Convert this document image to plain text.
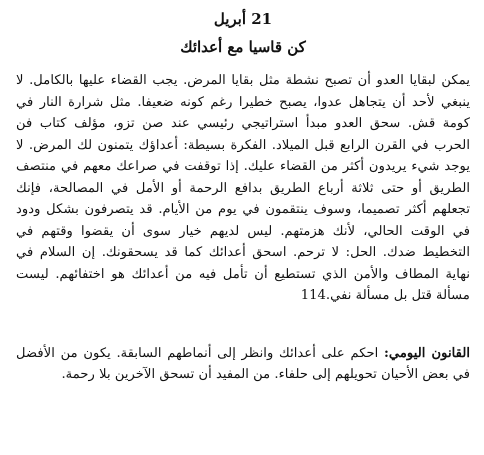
21 أبريل
كن قاسيا مع أعدائك

يمكن لبقايا العدو أن تصبح نشطة مثل بقايا المرض. يجب القضاء عليها بالكامل. لا ينبغي لأحد أن يتجاهل عدوا، يصبح خطيرا رغم كونه ضعيفا. مثل شرارة النار في كومة قش. سحق العدو مبدأ استراتيجي رئيسي عند صن تزو، مؤلف كتاب فن الحرب في القرن الرابع قبل الميلاد. الفكرة بسيطة: أعداؤك يتمنون لك المرض. لا يوجد شيء يريدون أكثر من القضاء عليك. إذا توقفت في صراعك معهم في منتصف الطريق أو حتى ثلاثة أرباع الطريق بدافع الرحمة أو الأمل في المصالحة، فإنك تجعلهم أكثر تصميما، وسوف ينتقمون في يوم من الأيام. قد يتصرفون بشكل ودود في الوقت الحالي، لأنك هزمتهم. ليس لديهم خيار سوى أن يقضوا وقتهم في التخطيط ضدك. الحل: لا ترحم. اسحق أعدائك كما قد يسحقونك. إن السلام في نهاية المطاف والأمن الذي تستطيع أن تأمل فيه من أعدائك هو اختفائهم. ليست مسألة قتل بل مسألة نفي.114

القانون اليومي: احكم على أعدائك وانظر إلى أنماطهم السابقة. يكون من الأفضل في بعض الأحيان تحويلهم إلى حلفاء. من المفيد أن تسحق الآخرين بلا رحمة.
